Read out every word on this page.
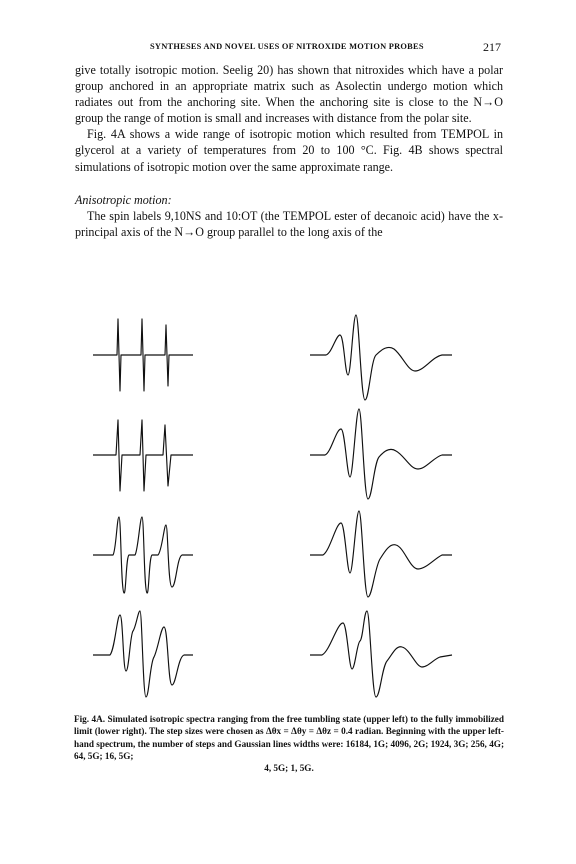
SYNTHESES AND NOVEL USES OF NITROXIDE MOTION PROBES	217

give totally isotropic motion. Seelig 20) has shown that nitroxides which have a polar group anchored in an appropriate matrix such as Asolectin undergo motion which radiates out from the anchoring site. When the anchoring site is close to the N→O group the range of motion is small and increases with distance from the polar site.

Fig. 4A shows a wide range of isotropic motion which resulted from TEMPOL in glycerol at a variety of temperatures from 20 to 100 °C. Fig. 4B shows spectral simulations of isotropic motion over the same approximate range.

Anisotropic motion:

The spin labels 9,10NS and 10:OT (the TEMPOL ester of decanoic acid) have the x-principal axis of the N→O group parallel to the long axis of the

Fig. 4A. Simulated isotropic spectra ranging from the free tumbling state (upper left) to the fully immobilized limit (lower right). The step sizes were chosen as Δθx = Δθy = Δθz = 0.4 radian. Beginning with the upper left-hand spectrum, the number of steps and Gaussian lines widths were: 16184, 1G; 4096, 2G; 1924, 3G; 256, 4G; 64, 5G; 16, 5G;
4, 5G; 1, 5G.
